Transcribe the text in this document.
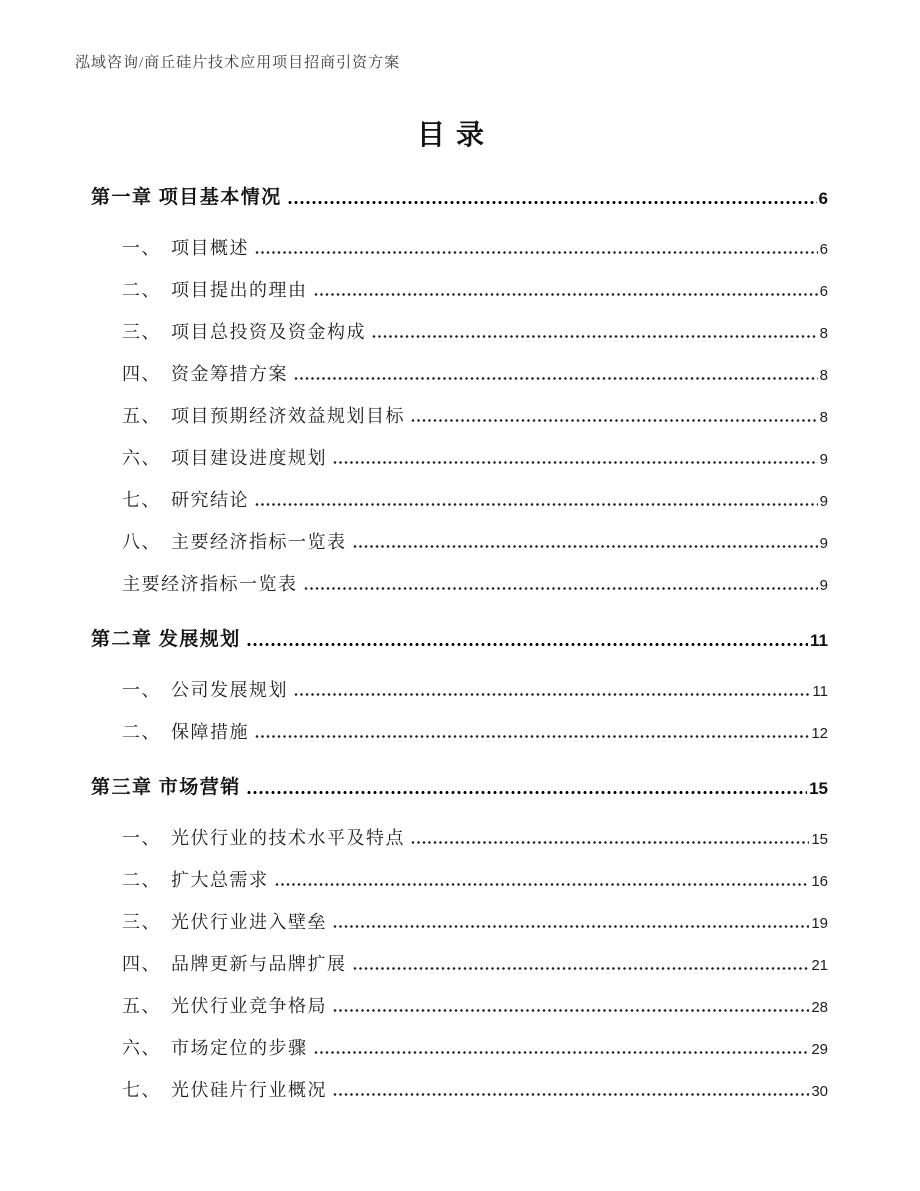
泓域咨询/商丘硅片技术应用项目招商引资方案
目 录
第一章 项目基本情况	6
一、 项目概述	6
二、 项目提出的理由	6
三、 项目总投资及资金构成	8
四、 资金筹措方案	8
五、 项目预期经济效益规划目标	8
六、 项目建设进度规划	9
七、 研究结论	9
八、 主要经济指标一览表	9
主要经济指标一览表	9
第二章 发展规划	11
一、 公司发展规划	11
二、 保障措施	12
第三章 市场营销	15
一、 光伏行业的技术水平及特点	15
二、 扩大总需求	16
三、 光伏行业进入壁垒	19
四、 品牌更新与品牌扩展	21
五、 光伏行业竞争格局	28
六、 市场定位的步骤	29
七、 光伏硅片行业概况	30
